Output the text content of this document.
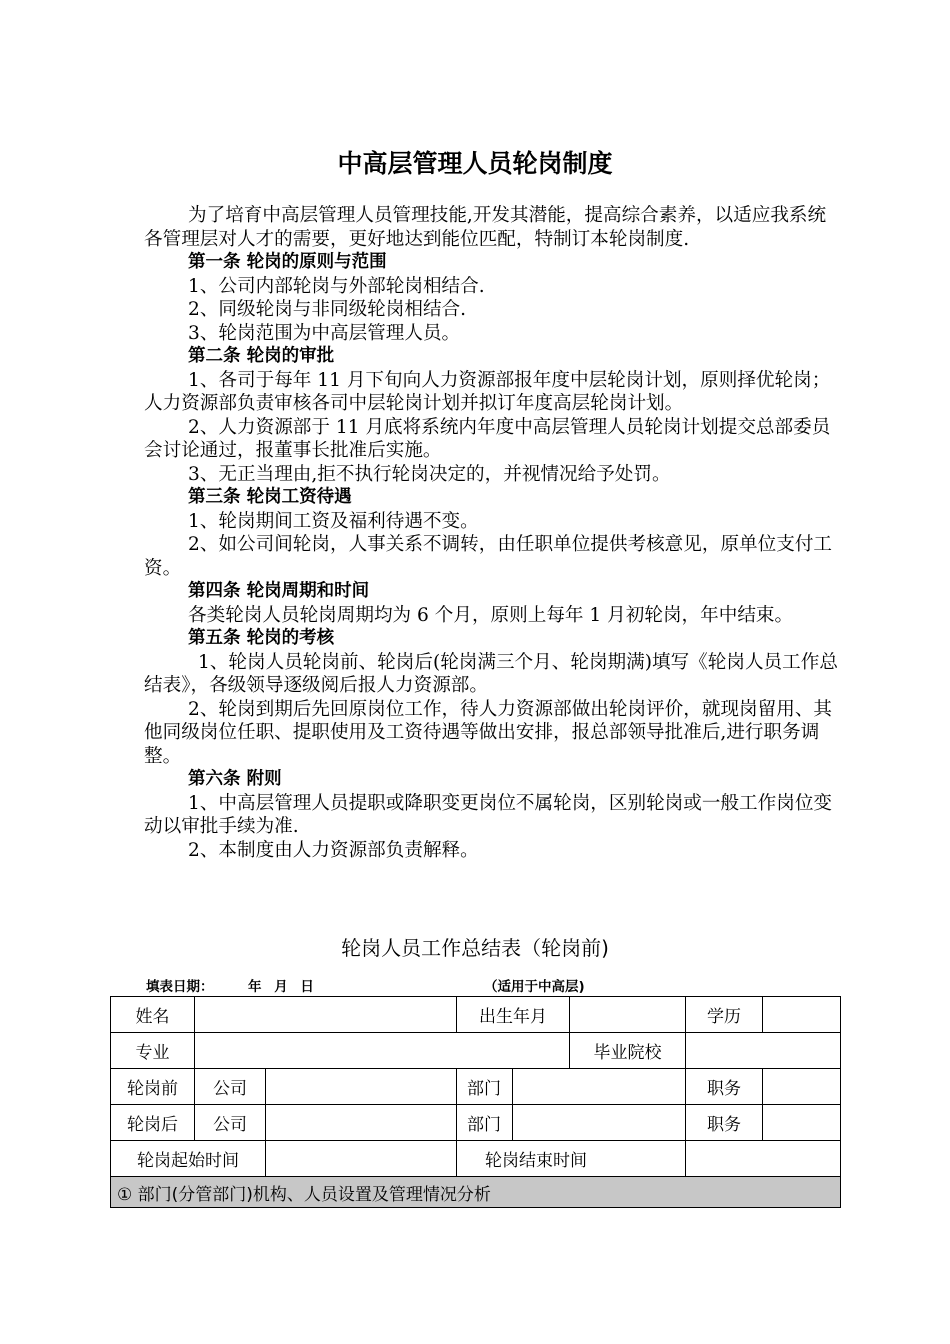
中高层管理人员轮岗制度

为了培育中高层管理人员管理技能,开发其潜能，提高综合素养，以适应我系统各管理层对人才的需要，更好地达到能位匹配，特制订本轮岗制度.

第一条 轮岗的原则与范围

1、公司内部轮岗与外部轮岗相结合.

2、同级轮岗与非同级轮岗相结合.

3、轮岗范围为中高层管理人员。

第二条 轮岗的审批

1、各司于每年 11 月下旬向人力资源部报年度中层轮岗计划，原则择优轮岗；人力资源部负责审核各司中层轮岗计划并拟订年度高层轮岗计划。

2、人力资源部于 11 月底将系统内年度中高层管理人员轮岗计划提交总部委员会讨论通过，报董事长批准后实施。

3、无正当理由,拒不执行轮岗决定的，并视情况给予处罚。

第三条 轮岗工资待遇

1、轮岗期间工资及福利待遇不变。

2、如公司间轮岗，人事关系不调转，由任职单位提供考核意见，原单位支付工资。

第四条 轮岗周期和时间

各类轮岗人员轮岗周期均为 6 个月，原则上每年 1 月初轮岗，年中结束。

第五条 轮岗的考核

1、轮岗人员轮岗前、轮岗后(轮岗满三个月、轮岗期满)填写《轮岗人员工作总结表》，各级领导逐级阅后报人力资源部。

2、轮岗到期后先回原岗位工作，待人力资源部做出轮岗评价，就现岗留用、其他同级岗位任职、提职使用及工资待遇等做出安排，报总部领导批准后,进行职务调整。

第六条 附则

1、中高层管理人员提职或降职变更岗位不属轮岗，区别轮岗或一般工作岗位变动以审批手续为准.

2、本制度由人力资源部负责解释。

轮岗人员工作总结表（轮岗前)
填表日期：	年 月 日	（适用于中高层)
姓名			出生年月			学历	
专业					毕业院校		
轮岗前	公司		部门			职务	
轮岗后	公司		部门			职务	
轮岗起始时间			轮岗结束时间				
① 部门(分管部门)机构、人员设置及管理情况分析							
